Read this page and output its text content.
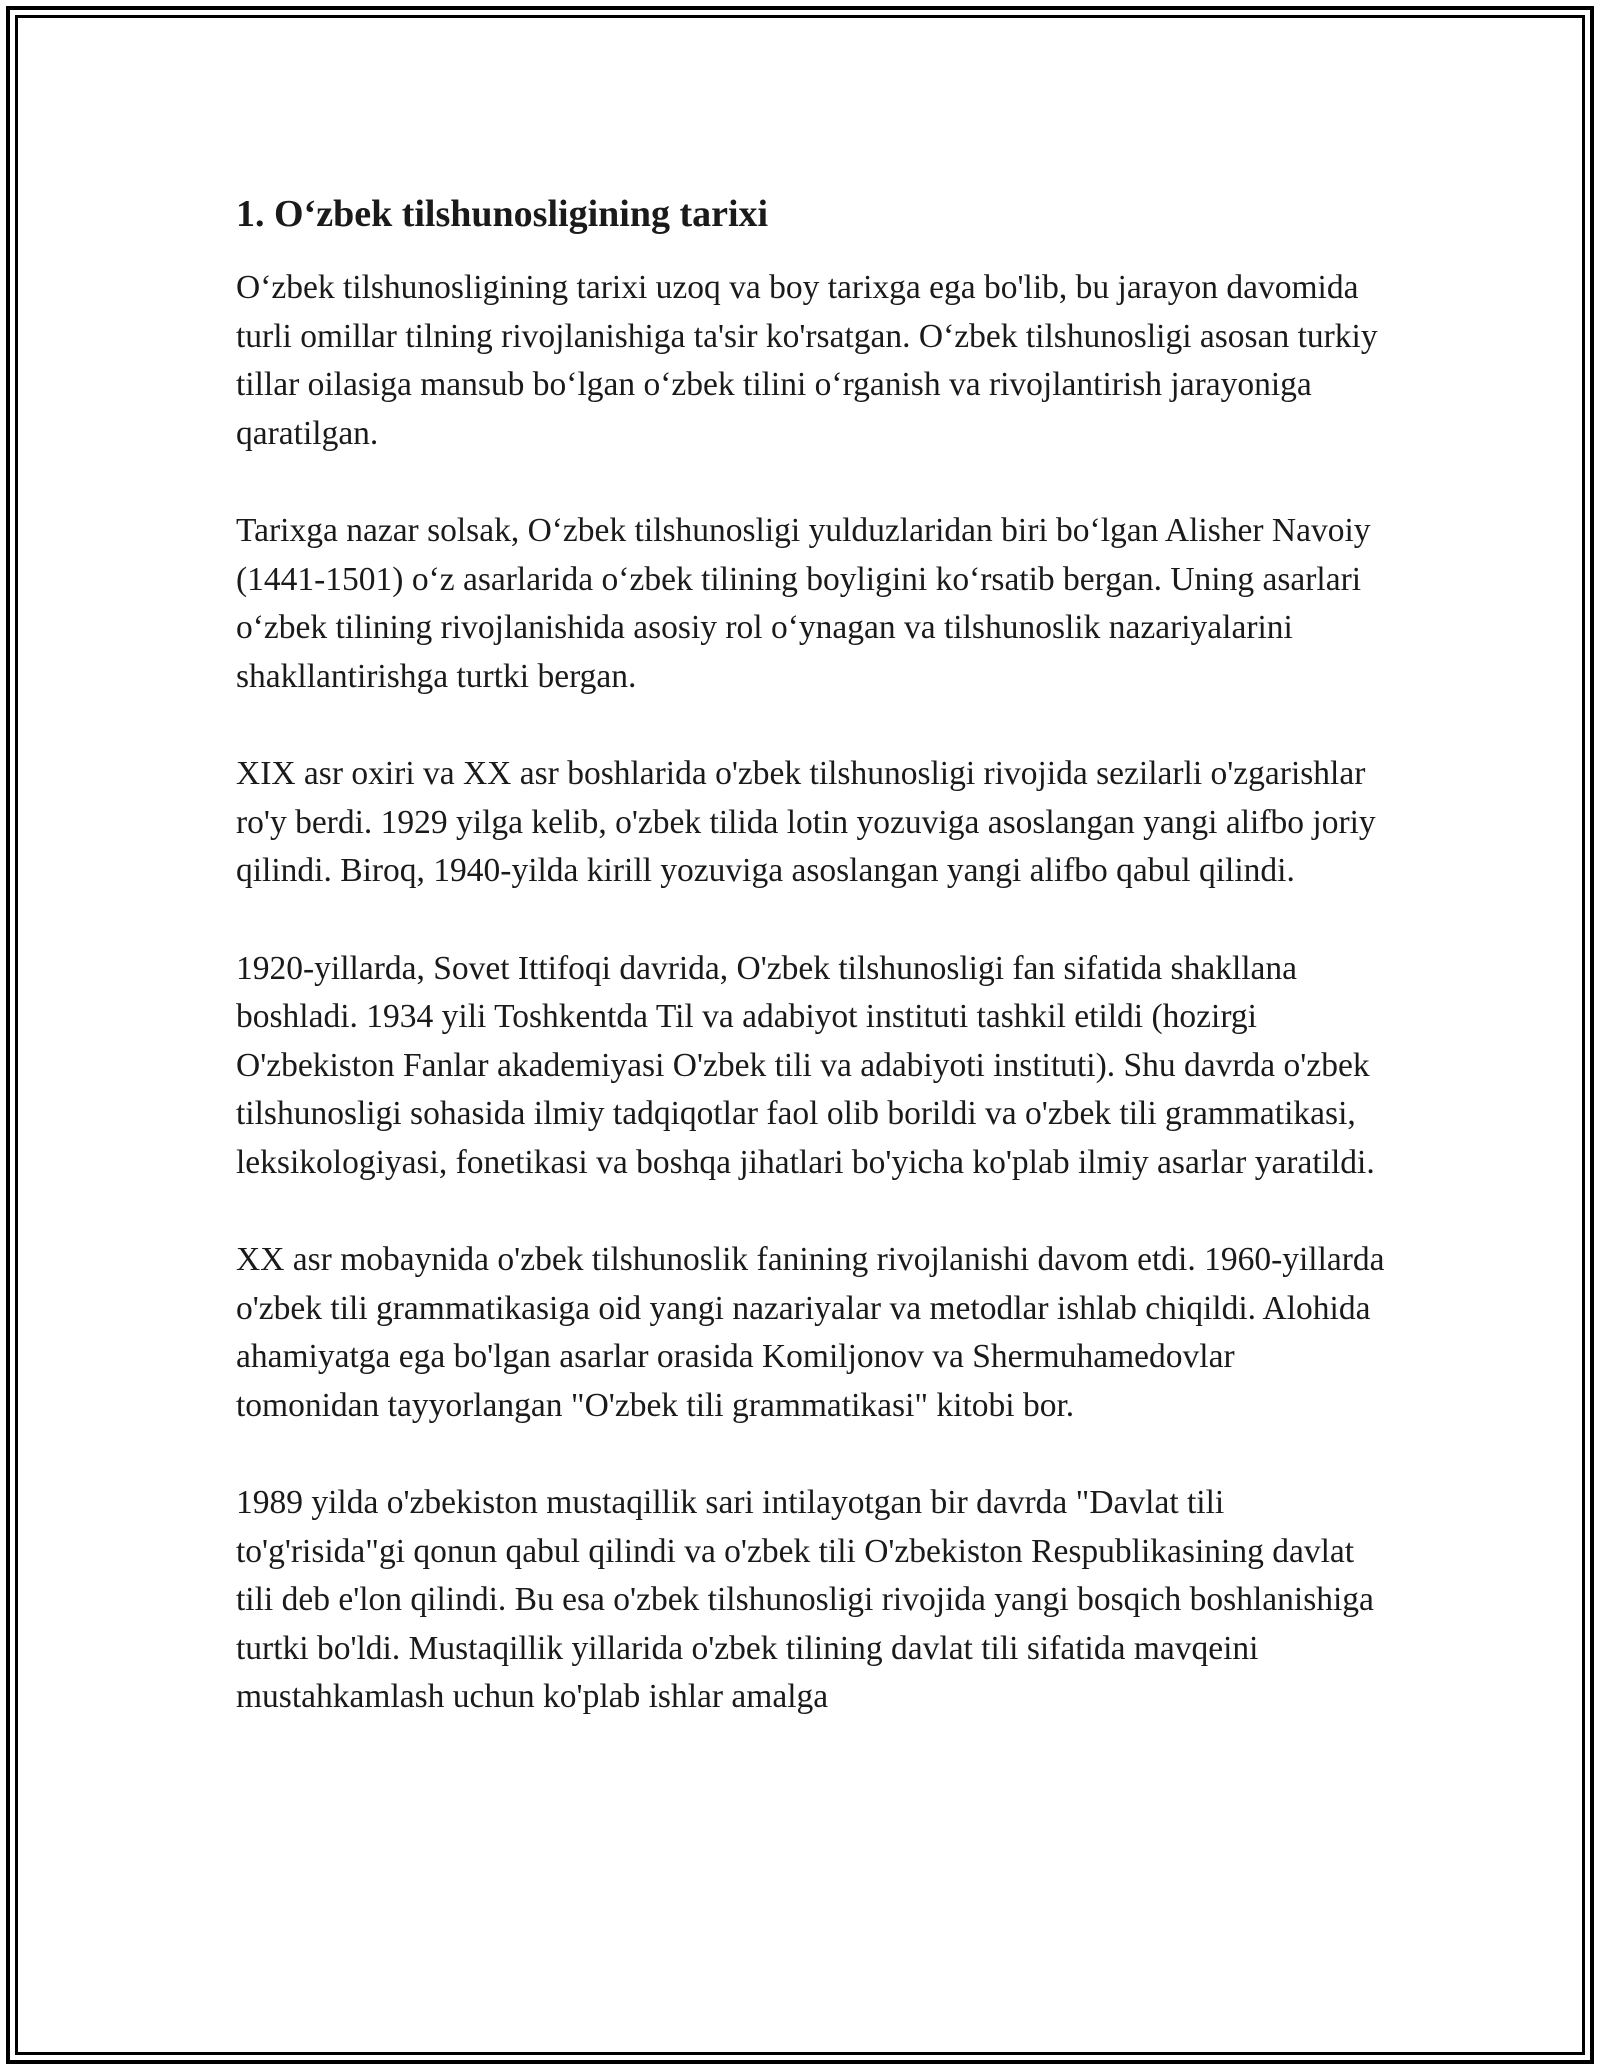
1. O‘zbek tilshunosligining tarixi

O‘zbek tilshunosligining tarixi uzoq va boy tarixga ega bo'lib, bu jarayon davomida turli omillar tilning rivojlanishiga ta'sir ko'rsatgan. O‘zbek tilshunosligi asosan turkiy tillar oilasiga mansub bo‘lgan o‘zbek tilini o‘rganish va rivojlantirish jarayoniga qaratilgan.

Tarixga nazar solsak, O‘zbek tilshunosligi yulduzlaridan biri bo‘lgan Alisher Navoiy (1441-1501) o‘z asarlarida o‘zbek tilining boyligini ko‘rsatib bergan. Uning asarlari o‘zbek tilining rivojlanishida asosiy rol o‘ynagan va tilshunoslik nazariyalarini shakllantirishga turtki bergan.

XIX asr oxiri va XX asr boshlarida o'zbek tilshunosligi rivojida sezilarli o'zgarishlar ro'y berdi. 1929 yilga kelib, o'zbek tilida lotin yozuviga asoslangan yangi alifbo joriy qilindi. Biroq, 1940-yilda kirill yozuviga asoslangan yangi alifbo qabul qilindi.

1920-yillarda, Sovet Ittifoqi davrida, O'zbek tilshunosligi fan sifatida shakllana boshladi. 1934 yili Toshkentda Til va adabiyot instituti tashkil etildi (hozirgi O'zbekiston Fanlar akademiyasi O'zbek tili va adabiyoti instituti). Shu davrda o'zbek tilshunosligi sohasida ilmiy tadqiqotlar faol olib borildi va o'zbek tili grammatikasi, leksikologiyasi, fonetikasi va boshqa jihatlari bo'yicha ko'plab ilmiy asarlar yaratildi.

XX asr mobaynida o'zbek tilshunoslik fanining rivojlanishi davom etdi. 1960-yillarda o'zbek tili grammatikasiga oid yangi nazariyalar va metodlar ishlab chiqildi. Alohida ahamiyatga ega bo'lgan asarlar orasida Komiljonov va Shermuhamedovlar tomonidan tayyorlangan "O'zbek tili grammatikasi" kitobi bor.

1989 yilda o'zbekiston mustaqillik sari intilayotgan bir davrda "Davlat tili to'g'risida"gi qonun qabul qilindi va o'zbek tili O'zbekiston Respublikasining davlat tili deb e'lon qilindi. Bu esa o'zbek tilshunosligi rivojida yangi bosqich boshlanishiga turtki bo'ldi. Mustaqillik yillarida o'zbek tilining davlat tili sifatida mavqeini mustahkamlash uchun ko'plab ishlar amalga
